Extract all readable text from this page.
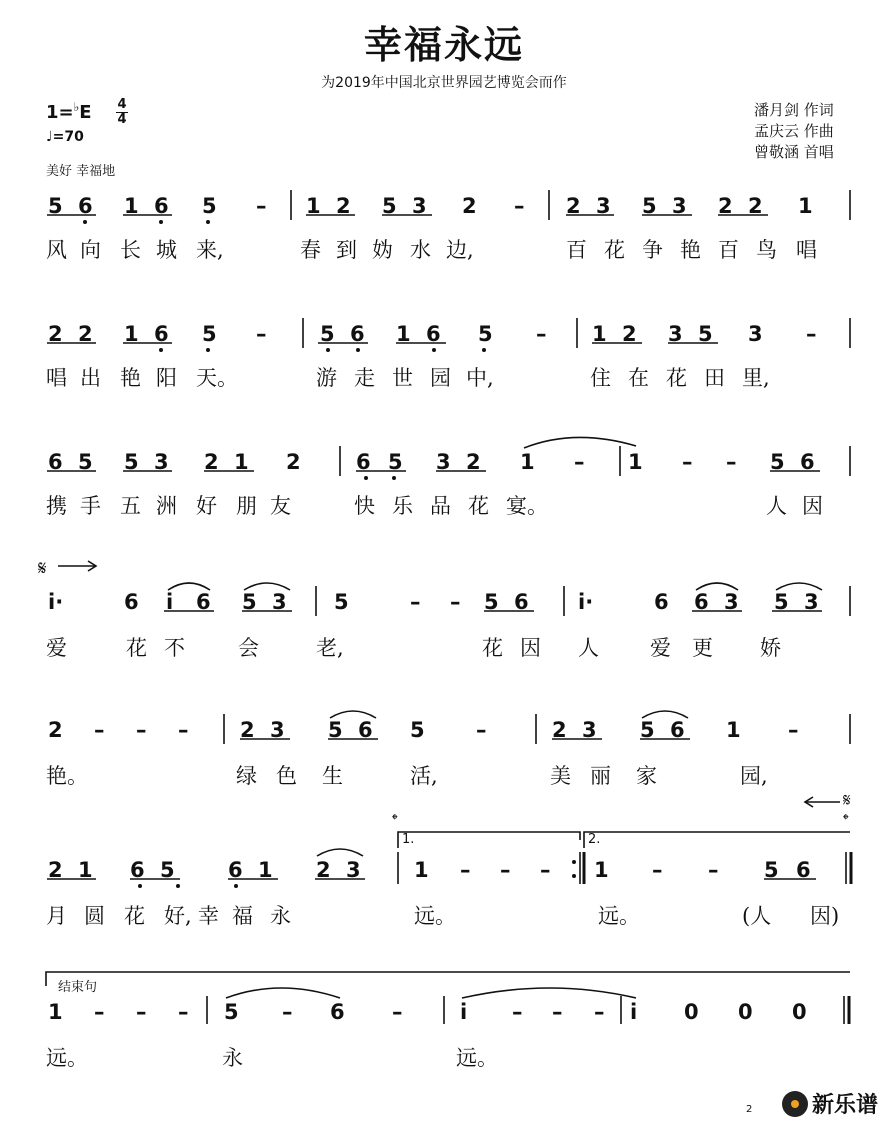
幸福永远
为2019年中国北京世界园艺博览会而作
1=♭E 4
4
♩=70
美好 幸福地
潘月剑 作词
孟庆云 作曲
曾敬涵 首唱
5 6 1 6 5 – 1 2 5 3 2 – 2 3 5 3 2 2 1
2 2 1 6 5 –	5 6 1 6 5 – 1 2 3 5 3 –
6 5 5 3 2 1 2	6 5 3 2 1 – 1 – – 5 6
i·	6 i 6 5 3 5	– – 5 6 i·	6 6 3 5 3
2 – – – 2 3 5 6 5 –	2 3 5 6 1 –
2 1 6 5	6 1 2 3	1 – – – 1 – – 5 6
1 – – – 5 – 6 –	i – – – i 0 0 0
风 向 长 城 来,	春 到 妫 水 边,	百 花 争 艳 百 鸟 唱
唱 出 艳 阳 天。	游 走 世 园 中,	住 在 花 田 里,
携 手 五 洲 好 朋 友	快 乐 品 花 宴。	人 因
爱	花 不	会	老,	花 因 人 爱 更 娇
艳。	绿 色 生	活,	美 丽 家	园,
月 圆 花 好, 幸 福 永	远。	远。	(人 因)
远。	永	远。
𝄋
𝄋
𝄌	𝄌
1.	2.
结束句
2	新乐谱
